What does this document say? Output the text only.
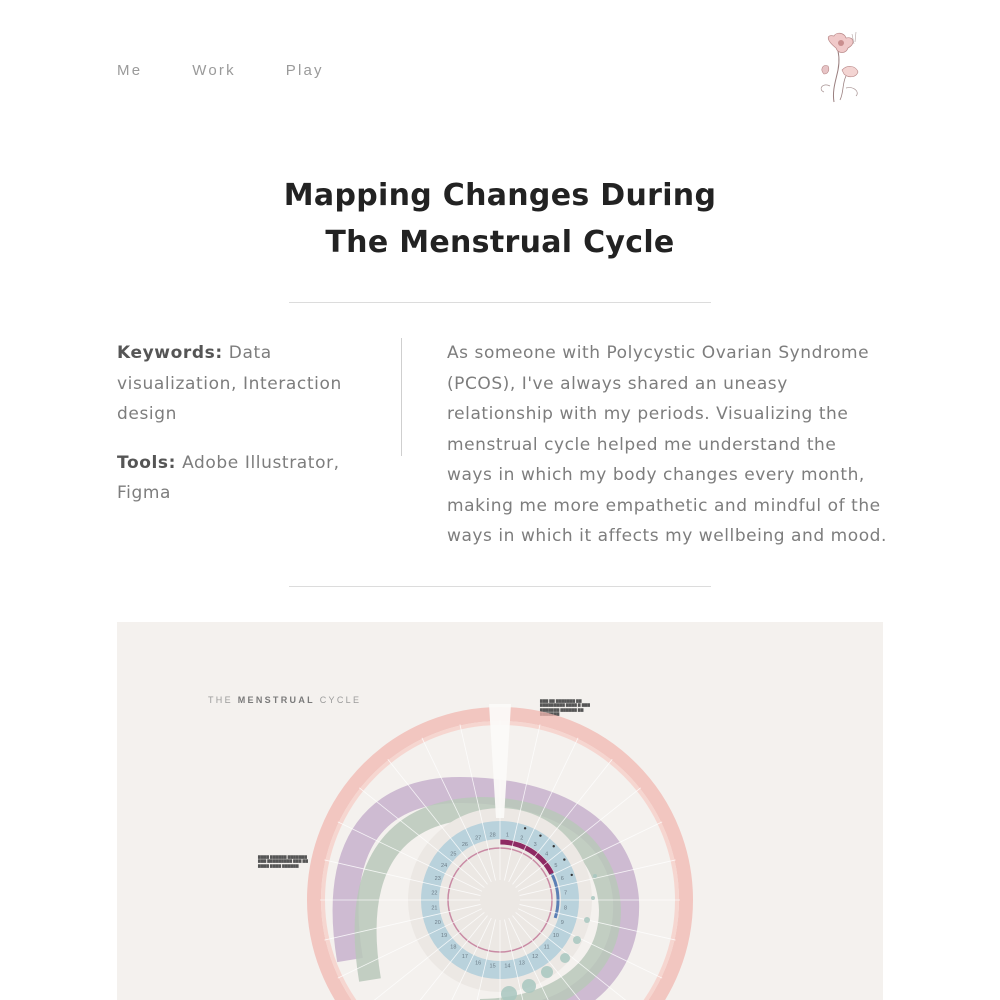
Me	Work	Play
Mapping Changes During
The Menstrual Cycle

Keywords: Data visualization, Interaction design

Tools: Adobe Illustrator, Figma

As someone with Polycystic Ovarian Syndrome (PCOS), I've always shared an uneasy relationship with my periods. Visualizing the menstrual cycle helped me understand the ways in which my body changes every month, making me more empathetic and mindful of the ways in which it affects my wellbeing and mood.

THE MENSTRUAL CYCLE	▇▇▇ ▇▇ ▇▇▇▇▇▇▇ ▇▇ ▇▇▇▇▇▇▇▇▇ ▇▇▇▇ ▇ ▇▇▇ ▇▇▇▇▇▇▇ ▇▇▇▇▇▇ ▇▇ ▇▇▇▇▇▇▇
▇▇▇▇ ▇▇▇▇▇▇ ▇▇▇▇▇▇▇ ▇▇▇ ▇▇▇▇▇▇▇▇▇ ▇▇▇ ▇▇ ▇▇▇▇ ▇▇▇▇ ▇▇▇▇▇▇
1
2
3
4
5
6
7
8
9
10
11
12
13
14
15
16
17
18
19
20
21
22
23
24
25
26
27
28
